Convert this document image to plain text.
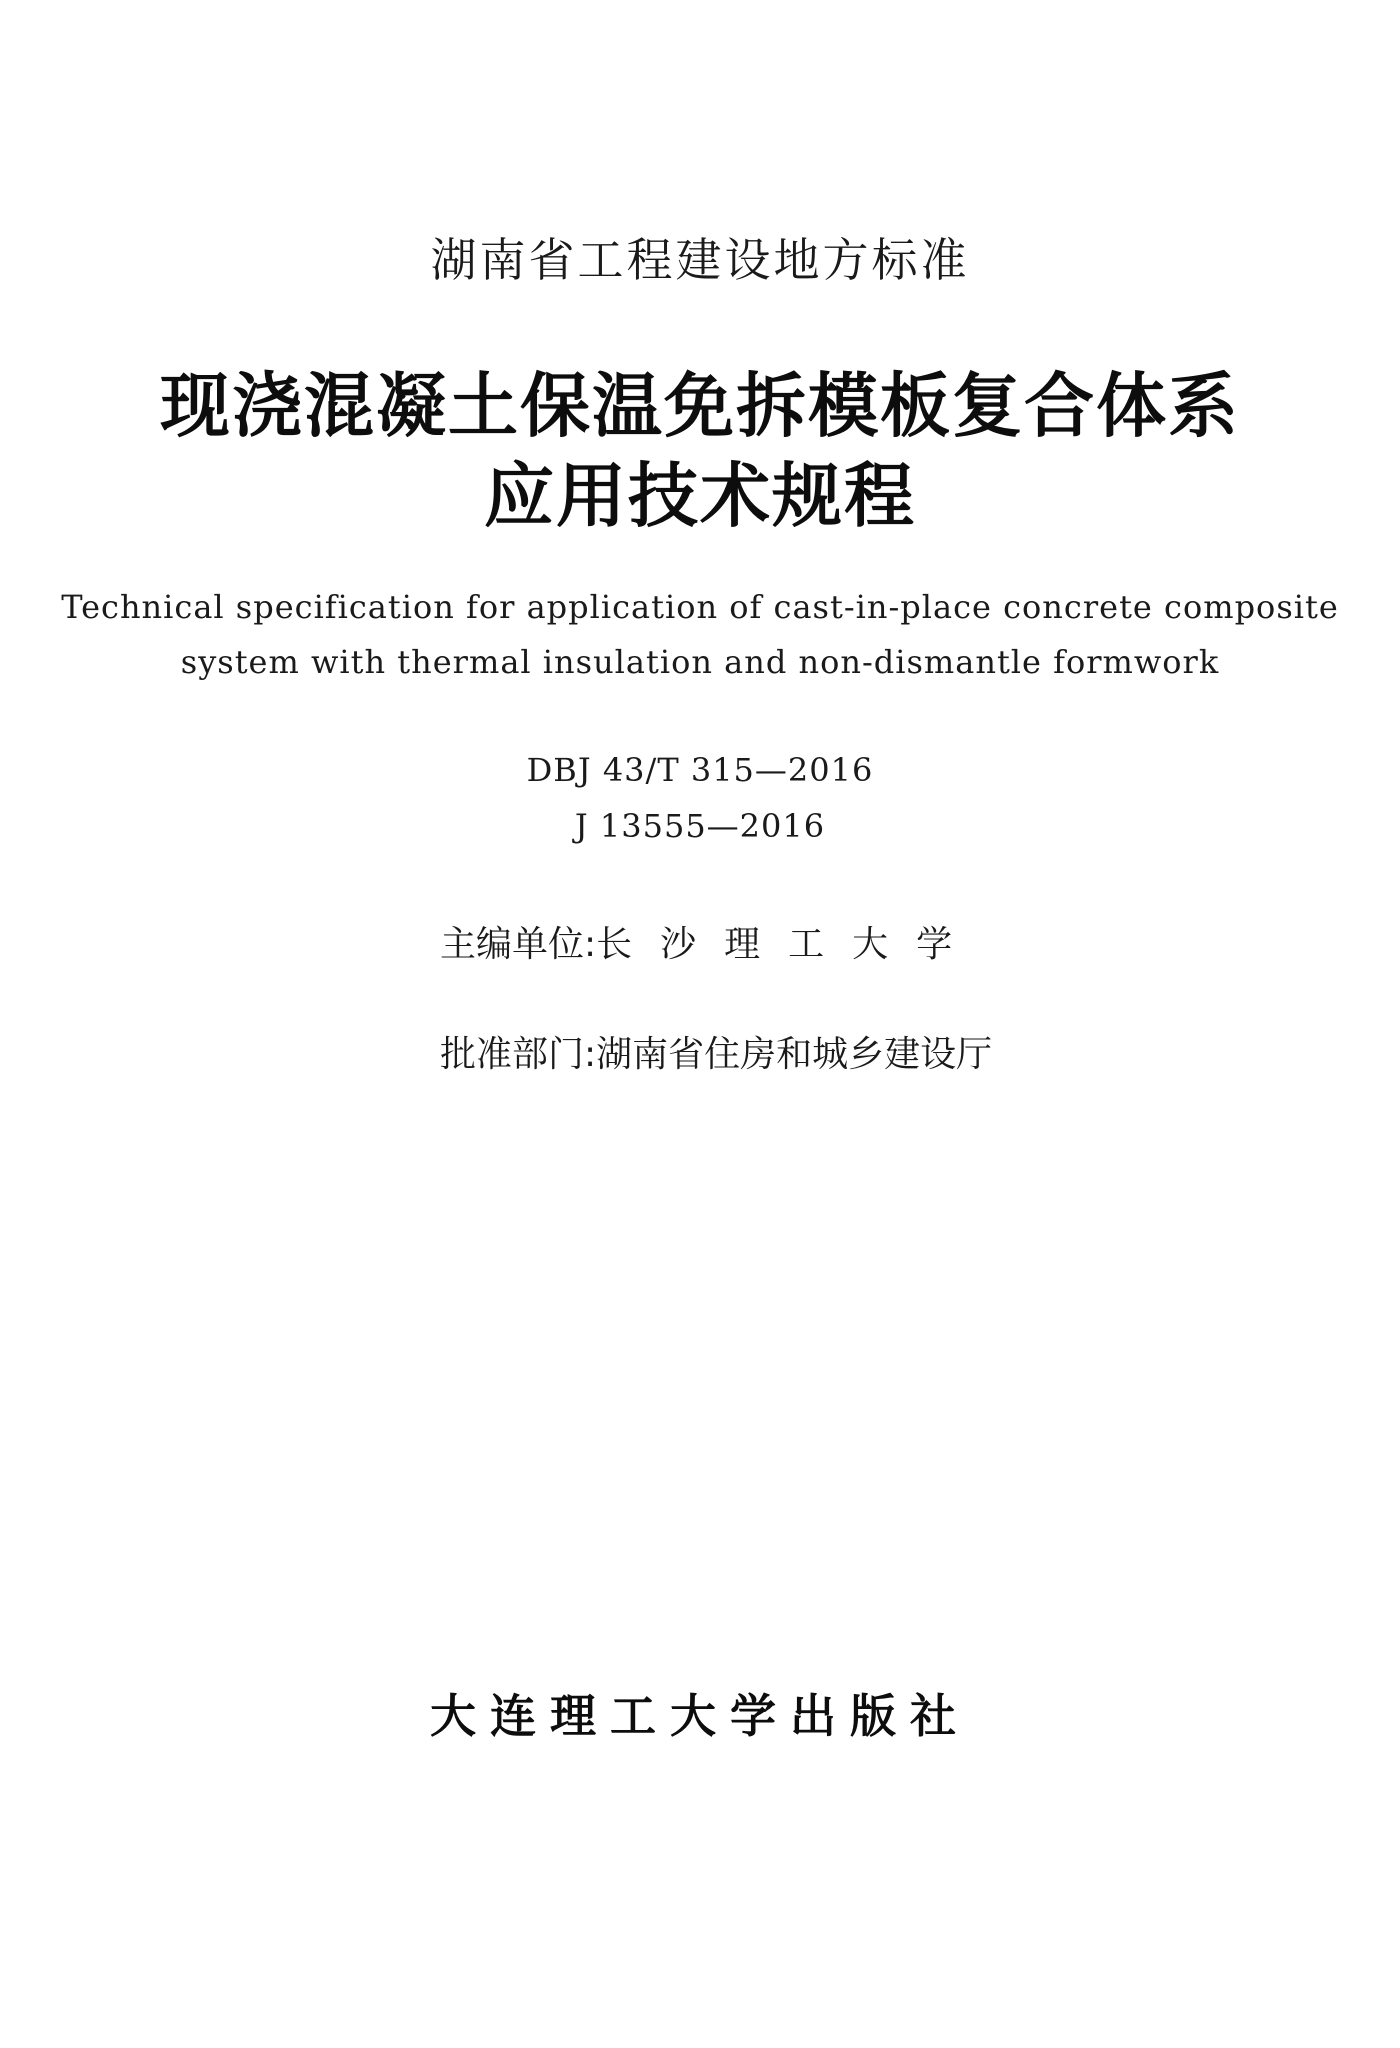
湖南省工程建设地方标准
现浇混凝土保温免拆模板复合体系
应用技术规程
Technical specification for application of cast-in-place concrete composite
system with thermal insulation and non-dismantle formwork
DBJ 43/T 315—2016
J 13555—2016
主编单位:长沙理工大学
批准部门:湖南省住房和城乡建设厅
大连理工大学出版社
